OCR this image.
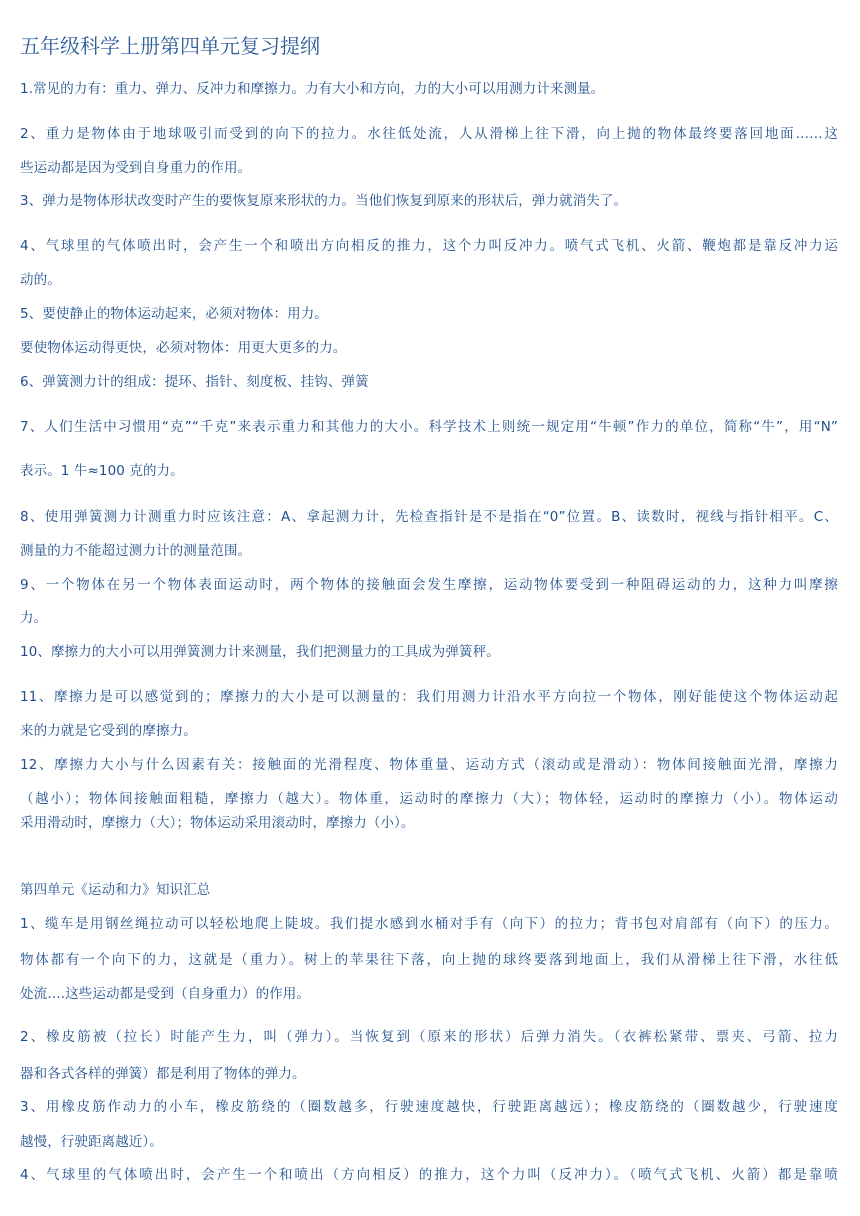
五年级科学上册第四单元复习提纲
1.常见的力有：重力、弹力、反冲力和摩擦力。力有大小和方向，力的大小可以用测力计来测量。
2、重力是物体由于地球吸引而受到的向下的拉力。水往低处流，人从滑梯上往下滑，向上抛的物体最终要落回地面……这
些运动都是因为受到自身重力的作用。
3、弹力是物体形状改变时产生的要恢复原来形状的力。当他们恢复到原来的形状后，弹力就消失了。
4、气球里的气体喷出时，会产生一个和喷出方向相反的推力，这个力叫反冲力。喷气式飞机、火箭、鞭炮都是靠反冲力运
动的。
5、要使静止的物体运动起来，必须对物体：用力。
要使物体运动得更快，必须对物体：用更大更多的力。
6、弹簧测力计的组成：提环、指针、刻度板、挂钩、弹簧
7、人们生活中习惯用“克”“千克”来表示重力和其他力的大小。科学技术上则统一规定用“牛顿”作力的单位，简称“牛”，用“N”
表示。1 牛≈100 克的力。
8、使用弹簧测力计测重力时应该注意：A、拿起测力计，先检查指针是不是指在“0”位置。B、读数时，视线与指针相平。C、
测量的力不能超过测力计的测量范围。
9、一个物体在另一个物体表面运动时，两个物体的接触面会发生摩擦，运动物体要受到一种阻碍运动的力，这种力叫摩擦
力。
10、摩擦力的大小可以用弹簧测力计来测量，我们把测量力的工具成为弹簧秤。
11、摩擦力是可以感觉到的；摩擦力的大小是可以测量的：我们用测力计沿水平方向拉一个物体，刚好能使这个物体运动起
来的力就是它受到的摩擦力。
12、摩擦力大小与什么因素有关：接触面的光滑程度、物体重量、运动方式（滚动或是滑动）：物体间接触面光滑，摩擦力
（越小）；物体间接触面粗糙，摩擦力（越大）。物体重，运动时的摩擦力（大）；物体轻，运动时的摩擦力（小）。物体运动
采用滑动时，摩擦力（大）；物体运动采用滚动时，摩擦力（小）。
第四单元《运动和力》知识汇总
1、缆车是用钢丝绳拉动可以轻松地爬上陡坡。我们提水感到水桶对手有（向下）的拉力；背书包对肩部有（向下）的压力。
物体都有一个向下的力，这就是（重力）。树上的苹果往下落，向上抛的球终要落到地面上，我们从滑梯上往下滑，水往低
处流….这些运动都是受到（自身重力）的作用。
2、橡皮筋被（拉长）时能产生力，叫（弹力）。当恢复到（原来的形状）后弹力消失。（衣裤松紧带、票夹、弓箭、拉力
器和各式各样的弹簧）都是利用了物体的弹力。
3、用橡皮筋作动力的小车，橡皮筋绕的（圈数越多，行驶速度越快，行驶距离越远）；橡皮筋绕的（圈数越少，行驶速度
越慢，行驶距离越近）。
4、气球里的气体喷出时，会产生一个和喷出（方向相反）的推力，这个力叫（反冲力）。（喷气式飞机、火箭）都是靠喷
